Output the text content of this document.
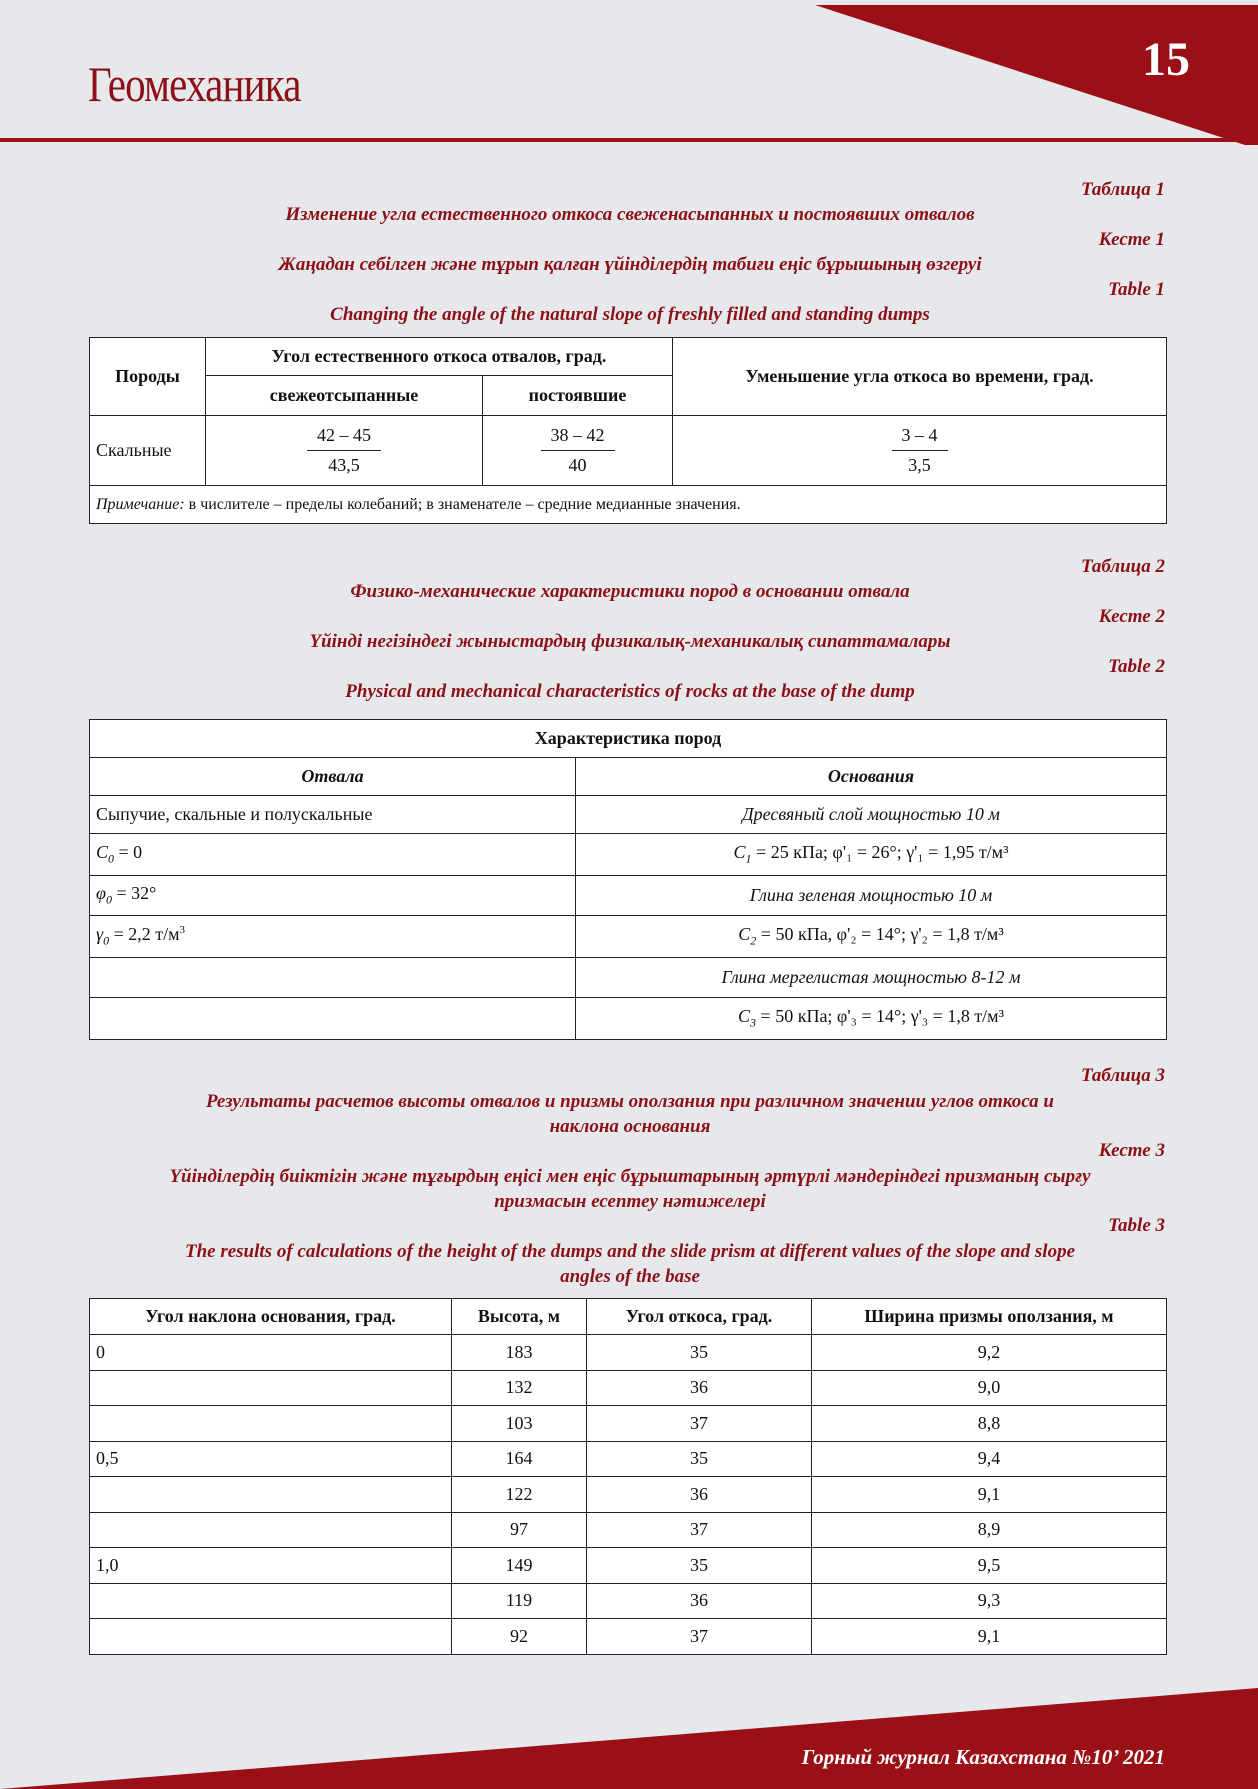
Геомеханика	15
Таблица 1
Изменение угла естественного откоса свеженасыпанных и постоявших отвалов
Кесте 1
Жаңадан себілген және тұрып қалған үйінділердің табиғи еңіс бұрышының өзгеруі
Table 1
Changing the angle of the natural slope of freshly filled and standing dumps
Породы	Угол естественного откоса отвалов, град.		Уменьшение угла откоса во времени, град.
	свежеотсыпанные	постоявшие	
Скальные	$\frac{42 - 45}{43,5}$	$\frac{38 - 42}{40}$	$\frac{3 - 4}{3,5}$

Примечание: в числителе – пределы колебаний; в знаменателе – средние медианные значения.			
Таблица 2
Физико-механические характеристики пород в основании отвала
Кесте 2
Үйінді негізіндегі жыныстардың физикалық-механикалық сипаттамалары
Table 2
Physical and mechanical characteristics of rocks at the base of the dump
Характеристика пород	
Отвала	Основания
Сыпучие, скальные и полускальные	Дресвяный слой мощностью 10 м
$C_0 = 0$	$C_1 = 25$ кПа; φ'₁ = 26°; γ'₁ = 1,95 т/м³
$\varphi_0 = 32^\circ$	Глина зеленая мощностью 10 м
$\gamma_0 = 2,2$ $т/м^3$	$C_2 = 50$ кПа, φ'₂ = 14°; γ'₂ = 1,8 т/м³
	Глина мергелистая мощностью 8-12 м
	$C_3 = 50$ кПа; φ'₃ = 14°; γ'₃ = 1,8 т/м³
Таблица 3
Результаты расчетов высоты отвалов и призмы оползания при различном значении углов откоса и
наклона основания
Кесте 3
Үйінділердің биіктігін және тұғырдың еңісі мен еңіс бұрыштарының әртүрлі мәндеріндегі призманың сырғу
призмасын есептеу нәтижелері
Table 3
The results of calculations of the height of the dumps and the slide prism at different values of the slope and slope
angles of the base
Угол наклона основания, град.	Высота, м	Угол откоса, град.	Ширина призмы оползания, м
0	183	35	9,2
	132	36	9,0
	103	37	8,8
0,5	164	35	9,4
	122	36	9,1
	97	37	8,9
1,0	149	35	9,5
	119	36	9,3
	92	37	9,1
Горный журнал Казахстана №10’ 2021
